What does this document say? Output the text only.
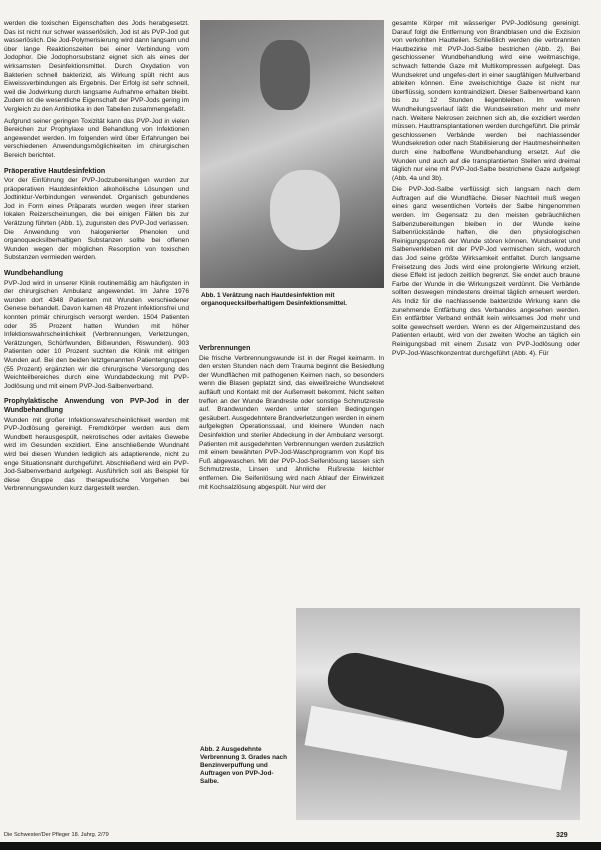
werden die toxischen Eigenschaften des Jods herabgesetzt. Das ist nicht nur schwer wasserlöslich, Jod ist als PVP-Jod gut wasserlöslich. Die Jod-Polymerisierung wird dann langsam und über lange Reaktionszeiten bei einer Verbindung vom Jodophor. Die Jodophorsubstanz eignet sich als eines der wirksamsten Desinfektionsmittel. Durch Oxydation von Bakterien schnell bakterizid, als Wirkung spült nicht aus Eiweissverbindungen als Ergebnis. Der Erfolg ist sehr schnell, weil die Jodwirkung durch langsame Aufnahme erhalten bleibt. Zudem ist die wesentliche Eigenschaft der PVP-Jods gering im Vergleich zu den Antibiotika in den Tabellen zusammengefaßt.

Aufgrund seiner geringen Toxizität kann das PVP-Jod in vielen Bereichen zur Prophylaxe und Behandlung von Infektionen angewendet werden. Im folgenden wird über Erfahrungen bei verschiedenen Anwendungsmöglichkeiten im chirurgischen Bereich berichtet.

Präoperative Hautdesinfektion

Vor der Einführung der PVP-Jodzubereitungen wurden zur präoperativen Hautdesinfektion alkoholische Lösungen und Jodtinktur-Verbindungen verwendet. Organisch gebundenes Jod in Form eines Präparats wurden wegen ihrer starken lokalen Reizerscheinungen, die bei einigen Fällen bis zur Verätzung führten (Abb. 1), zugunsten des PVP-Jod verlassen. Die Anwendung von halogenierter Phenolen und organoquecksilberhaltigen Substanzen sollte bei offenen Wunden wegen der möglichen Resorption von toxischen Substanzen vermieden werden.

Wundbehandlung

PVP-Jod wird in unserer Klinik routinemäßig am häufigsten in der chirurgischen Ambulanz angewendet. Im Jahre 1976 wurden dort 4348 Patienten mit Wunden verschiedener Genese behandelt. Davon kamen 48 Prozent infektionsfrei und konnten primär chirurgisch versorgt werden. 1504 Patienten oder 35 Prozent hatten Wunden mit höher Infektionswahrscheinlichkeit (Verbrennungen, Verletzungen, Verätzungen, Schürfwunden, Bißwunden, Riswunden). 903 Patienten oder 10 Prozent suchten die Klinik mit eitrigen Wunden auf. Bei den beiden letztgenannten Patientengruppen (55 Prozent) ergänzten wir die chirurgische Versorgung des Weichteilbereiches durch eine Wundabdeckung mit PVP-Jodlösung und mit einem PVP-Jod-Salbenverband.

Prophylaktische Anwendung von PVP-Jod in der Wundbehandlung

Wunden mit großer Infektionswahrscheinlichkeit werden mit PVP-Jodlösung gereinigt. Fremdkörper werden aus dem Wundbett herausgespült, nekrotisches oder avitales Gewebe wird im Gesunden exzidiert. Eine anschließende Wundnaht wird bei diesen Wunden lediglich als adaptierende, nicht zu enge Situationsnaht durchgeführt. Abschließend wird ein PVP-Jod-Salbenverband aufgelegt. Ausführlich soll als Beispiel für diese Gruppe das therapeutische Vorgehen bei Verbrennungswunden kurz dargestellt werden.

Abb. 1 Verätzung nach Hautdesinfektion mit organoquecksilberhaltigem Desinfektionsmittel.
Verbrennungen

Die frische Verbrennungswunde ist in der Regel keimarm. In den ersten Stunden nach dem Trauma beginnt die Besiedlung der Wundflächen mit pathogenen Keimen nach, so besonders wenn die Blasen geplatzt sind, das eiweißreiche Wundsekret aufläuft und Kontakt mit der Außenwelt bekommt. Nicht selten treffen an der Wunde Brandreste oder sonstige Schmutzreste auf. Brandwunden werden unter sterilen Bedingungen gesäubert. Ausgedehntere Brandverletzungen werden in einem aufgelegten Operationssaal, und kleinere Wunden nach Desinfektion und steriler Abdeckung in der Ambulanz versorgt. Patienten mit ausgedehnten Verbrennungen werden zusätzlich mit einem bewährten PVP-Jod-Waschprogramm von Kopf bis Fuß abgewaschen. Mit der PVP-Jod-Seifenlösung lassen sich Schmutzreste, Linsen und ähnliche Rußreste leichter entfernen. Die Seifenlösung wird nach Ablauf der Einwirkzeit mit Kochsalzlösung abgespült. Nur wird der

gesamte Körper mit wässeriger PVP-Jodlösung gereinigt. Darauf folgt die Entfernung von Brandblasen und die Exzision von verkohlten Hautteilen. Schließlich werden die verbrannten Hautbezirke mit PVP-Jod-Salbe bestrichen (Abb. 2). Bei geschlossener Wundbehandlung wird eine weitmaschige, schwach fettende Gaze mit Multikompressen aufgelegt. Das Wundsekret und ungefes-dert in einer saugfähigen Mullverband ableiten können. Eine zweischichtige Gaze ist nicht nur überflüssig, sondern kontraindiziert. Dieser Salbenverband kann bis zu 12 Stunden liegenbleiben. Im weiteren Wundheilungsverlauf läßt die Wundsekretion mehr und mehr nach. Weitere Nekrosen zeichnen sich ab, die exzidiert werden müssen. Hauttransplantationen werden durchgeführt. Die primär geschlossenen Verbände werden bei nachlassender Wundsekretion oder nach Stabilisierung der Hautmesheinheiten durch eine halboffene Wundbehandlung ersetzt. Auf die Wunden und auch auf die transplantierten Stellen wird dreimal täglich nur eine mit PVP-Jod-Salbe bestrichene Gaze aufgelegt (Abb. 4a und 3b).

Die PVP-Jod-Salbe verflüssigt sich langsam nach dem Auftragen auf die Wundfläche. Dieser Nachteil muß wegen eines ganz wesentlichen Vorteils der Salbe hingenommen werden. Im Gegensatz zu den meisten gebräuchlichen Salbenzubereitungen bleiben in der Wunde keine Salbenrückstände haften, die den physiologischen Reinigungsprozeß der Wunde stören können. Wundsekret und Salbenverkleben mit der PVP-Jod vermischen sich, wodurch das Jod seine größte Wirksamkeit entfaltet. Durch langsame Freisetzung des Jods wird eine prolongierte Wirkung erzielt, diese Effekt ist jedoch zeitlich begrenzt. Sie endet auch braune Farbe der Wunde in die Wirkungszeit verdünnt. Die Verbände sollten deswegen mindestens dreimal täglich erneuert werden. Als Indiz für die nachlassende bakterizide Wirkung kann die zunehmende Entfärbung des Verbandes angesehen werden. Ein entfärbter Verband enthält kein wirksames Jod mehr und sollte gewechselt werden. Wenn es der Allgemeinzustand des Patienten erlaubt, wird von der zweiten Woche an täglich ein Reinigungsbad mit einem Zusatz von PVP-Jodlösung oder PVP-Jod-Waschkonzentrat durchgeführt (Abb. 4). Für

Abb. 2 Ausgedehnte Verbrennung 3. Grades nach Benzinverpuffung und Auftragen von PVP-Jod-Salbe.
Die Schwester/Der Pfleger 18. Jahrg. 2/79	329
